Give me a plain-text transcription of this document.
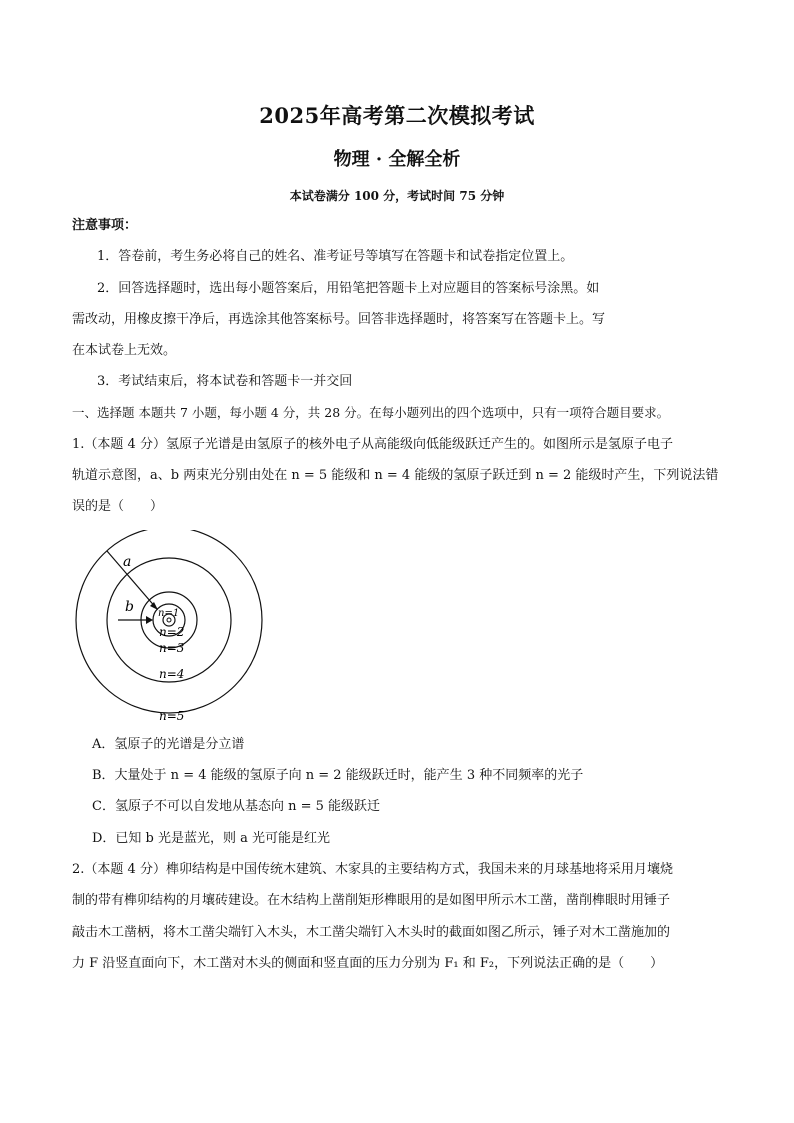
2025年高考第二次模拟考试
物理 · 全解全析
本试卷满分 100 分，考试时间 75 分钟
注意事项：
1．答卷前，考生务必将自己的姓名、准考证号等填写在答题卡和试卷指定位置上。
2．回答选择题时，选出每小题答案后，用铅笔把答题卡上对应题目的答案标号涂黑。如
需改动，用橡皮擦干净后，再选涂其他答案标号。回答非选择题时，将答案写在答题卡上。写
在本试卷上无效。
3．考试结束后，将本试卷和答题卡一并交回
一、选择题 本题共 7 小题，每小题 4 分，共 28 分。在每小题列出的四个选项中，只有一项符合题目要求。
1.（本题 4 分）氢原子光谱是由氢原子的核外电子从高能级向低能级跃迁产生的。如图所示是氢原子电子
轨道示意图，a、b 两束光分别由处在 n = 5 能级和 n = 4 能级的氢原子跃迁到 n = 2 能级时产生，下列说法错
误的是（　　）
a
b n=1
n=2
n=3
n=4
n=5
A．氢原子的光谱是分立谱
B．大量处于 n = 4 能级的氢原子向 n = 2 能级跃迁时，能产生 3 种不同频率的光子
C．氢原子不可以自发地从基态向 n = 5 能级跃迁
D．已知 b 光是蓝光，则 a 光可能是红光
2.（本题 4 分）榫卯结构是中国传统木建筑、木家具的主要结构方式，我国未来的月球基地将采用月壤烧
制的带有榫卯结构的月壤砖建设。在木结构上凿削矩形榫眼用的是如图甲所示木工凿，凿削榫眼时用锤子
敲击木工凿柄，将木工凿尖端钉入木头，木工凿尖端钉入木头时的截面如图乙所示，锤子对木工凿施加的
力 F 沿竖直面向下，木工凿对木头的侧面和竖直面的压力分别为 F₁ 和 F₂，下列说法正确的是（　　）
